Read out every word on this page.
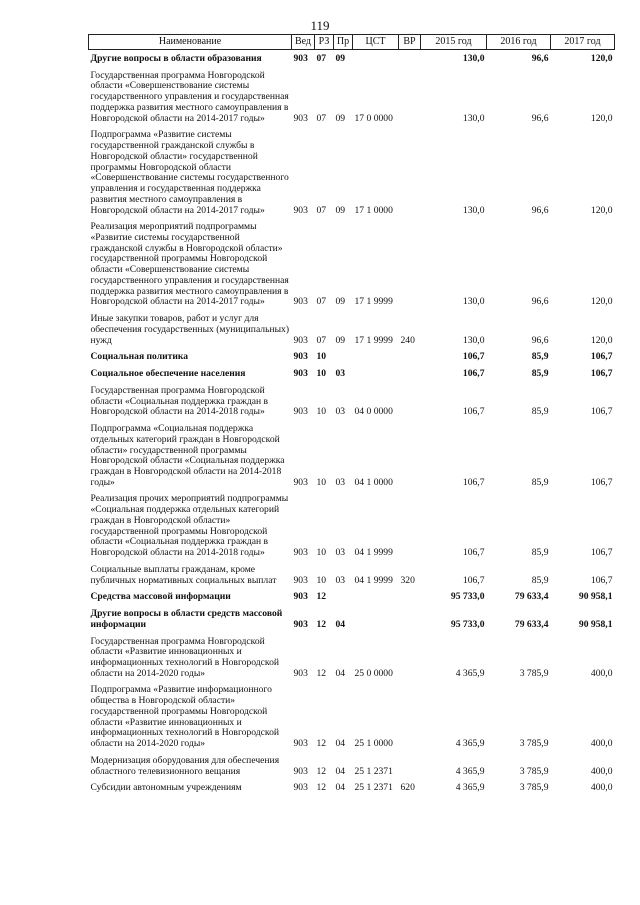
119
Наименование	Вед	РЗ	Пр	ЦСТ	ВР	2015 год	2016 год	2017 год
Другие вопросы в области образования	903	07	09			130,0	96,6	120,0
Государственная программа Новгородской области «Совершенствование системы государственного управления и государственная поддержка развития местного самоуправления в Новгородской области на 2014-2017 годы»	903	07	09	17 0 0000		130,0	96,6	120,0
Подпрограмма «Развитие системы государственной гражданской службы в Новгородской области» государственной программы Новгородской области «Совершенствование системы государственного управления и государственная поддержка развития местного самоуправления в Новгородской области на 2014-2017 годы»	903	07	09	17 1 0000		130,0	96,6	120,0
Реализация мероприятий подпрограммы «Развитие системы государственной гражданской службы в Новгородской области» государственной программы Новгородской области «Совершенствование системы государственного управления и государственная поддержка развития местного самоуправления в Новгородской области на 2014-2017 годы»	903	07	09	17 1 9999		130,0	96,6	120,0
Иные закупки товаров, работ и услуг для обеспечения государственных (муниципальных) нужд	903	07	09	17 1 9999	240	130,0	96,6	120,0
Социальная политика	903	10				106,7	85,9	106,7
Социальное обеспечение населения	903	10	03			106,7	85,9	106,7
Государственная программа Новгородской области «Социальная поддержка граждан в Новгородской области на 2014-2018 годы»	903	10	03	04 0 0000		106,7	85,9	106,7
Подпрограмма «Социальная поддержка отдельных категорий граждан в Новгородской области» государственной программы Новгородской области «Социальная поддержка граждан в Новгородской области на 2014-2018 годы»	903	10	03	04 1 0000		106,7	85,9	106,7
Реализация прочих мероприятий подпрограммы «Социальная поддержка отдельных категорий граждан в Новгородской области» государственной программы Новгородской области «Социальная поддержка граждан в Новгородской области на 2014-2018 годы»	903	10	03	04 1 9999		106,7	85,9	106,7
Социальные выплаты гражданам, кроме публичных нормативных социальных выплат	903	10	03	04 1 9999	320	106,7	85,9	106,7
Средства массовой информации	903	12				95 733,0	79 633,4	90 958,1
Другие вопросы в области средств массовой информации	903	12	04			95 733,0	79 633,4	90 958,1
Государственная программа Новгородской области «Развитие инновационных и информационных технологий в Новгородской области на 2014-2020 годы»	903	12	04	25 0 0000		4 365,9	3 785,9	400,0
Подпрограмма «Развитие информационного общества в Новгородской области» государственной программы Новгородской области «Развитие инновационных и информационных технологий в Новгородской области на 2014-2020 годы»	903	12	04	25 1 0000		4 365,9	3 785,9	400,0
Модернизация оборудования для обеспечения областного телевизионного вещания	903	12	04	25 1 2371		4 365,9	3 785,9	400,0
Субсидии автономным учреждениям	903	12	04	25 1 2371	620	4 365,9	3 785,9	400,0
